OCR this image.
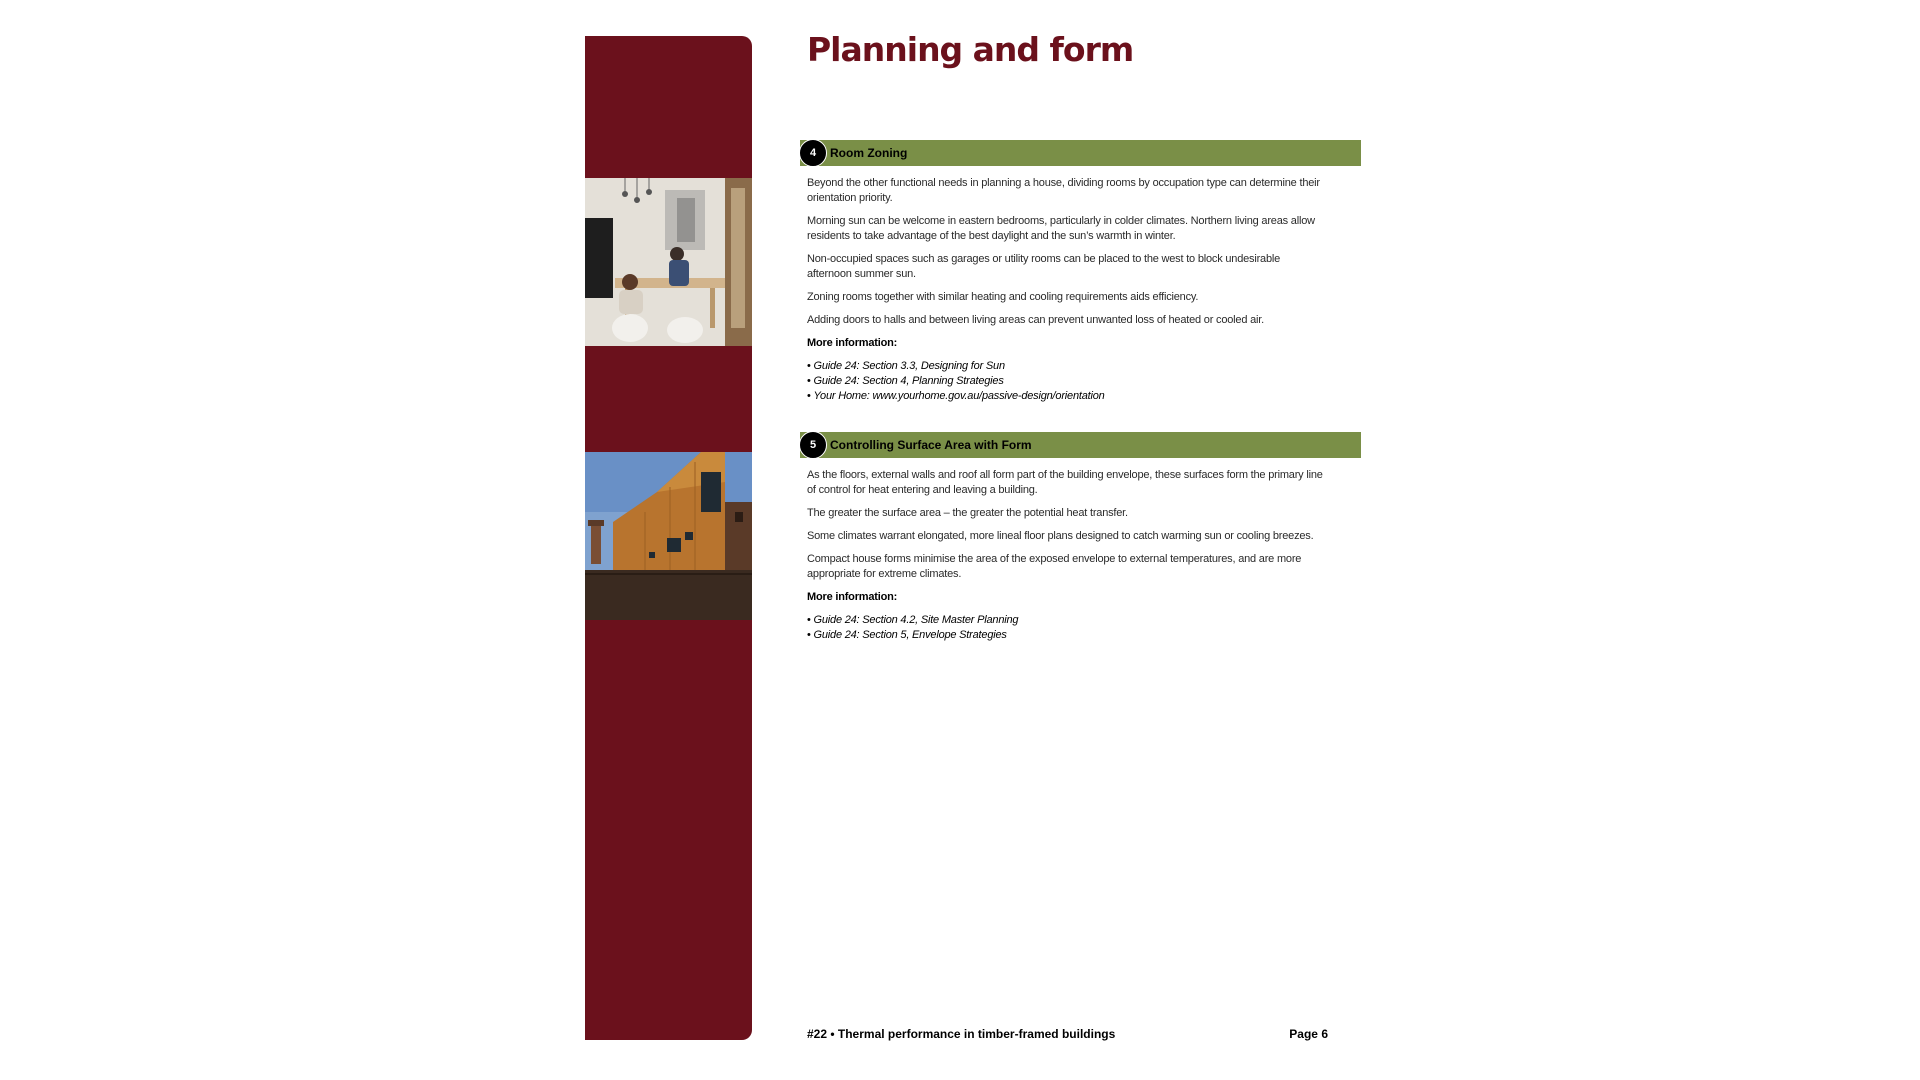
Planning and form
4	Room Zoning

Beyond the other functional needs in planning a house, dividing rooms by occupation type can determine their orientation priority.

Morning sun can be welcome in eastern bedrooms, particularly in colder climates. Northern living areas allow residents to take advantage of the best daylight and the sun’s warmth in winter.

Non-occupied spaces such as garages or utility rooms can be placed to the west to block undesirable afternoon summer sun.

Zoning rooms together with similar heating and cooling requirements aids efficiency.

Adding doors to halls and between living areas can prevent unwanted loss of heated or cooled air.

More information:

• Guide 24: Section 3.3, Designing for Sun
• Guide 24: Section 4, Planning Strategies
• Your Home: www.yourhome.gov.au/passive-design/orientation
5	Controlling Surface Area with Form

As the floors, external walls and roof all form part of the building envelope, these surfaces form the primary line of control for heat entering and leaving a building.

The greater the surface area – the greater the potential heat transfer.

Some climates warrant elongated, more lineal floor plans designed to catch warming sun or cooling breezes.

Compact house forms minimise the area of the exposed envelope to external temperatures, and are more appropriate for extreme climates.

More information:

• Guide 24: Section 4.2, Site Master Planning
• Guide 24: Section 5, Envelope Strategies
#22 • Thermal performance in timber-framed buildings	Page 6
